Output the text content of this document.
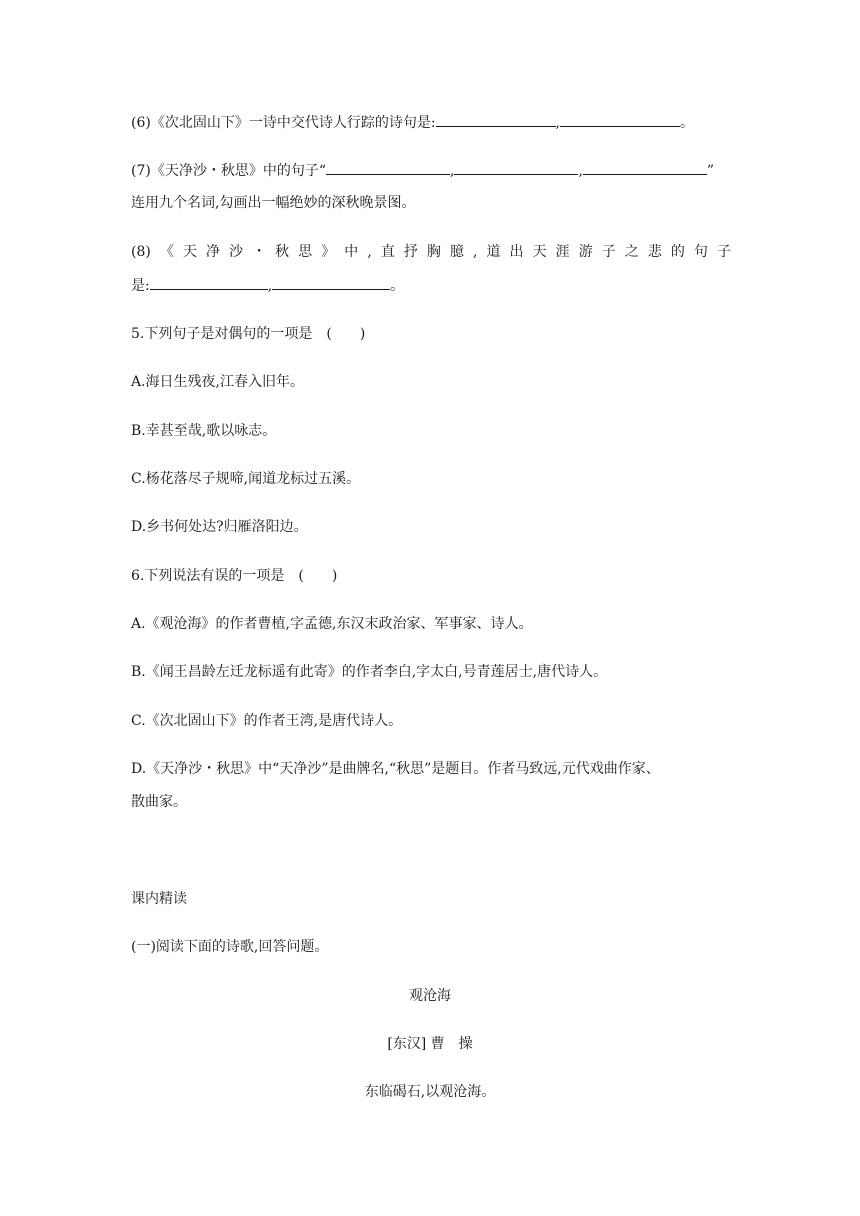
(6)《次北固山下》一诗中交代诗人行踪的诗句是:	,	。
(7)《天净沙・秋思》中的句子“	,	,	”
连用九个名词,勾画出一幅绝妙的深秋晚景图。
(8) 《 天 净 沙 ・ 秋 思 》 中 , 直 抒 胸 臆 , 道 出 天 涯 游 子 之 悲 的 句 子
是:	,	。
5.下列句子是对偶句的一项是　(　　)
A.海日生残夜,江春入旧年。
B.幸甚至哉,歌以咏志。
C.杨花落尽子规啼,闻道龙标过五溪。
D.乡书何处达?归雁洛阳边。
6.下列说法有误的一项是　(　　)
A.《观沧海》的作者曹植,字孟德,东汉末政治家、军事家、诗人。
B.《闻王昌龄左迁龙标遥有此寄》的作者李白,字太白,号青莲居士,唐代诗人。
C.《次北固山下》的作者王湾,是唐代诗人。
D.《天净沙・秋思》中“天净沙”是曲牌名,“秋思”是题目。作者马致远,元代戏曲作家、
散曲家。
课内精读
(一)阅读下面的诗歌,回答问题。
观沧海
[东汉] 曹　操
东临碣石,以观沧海。
